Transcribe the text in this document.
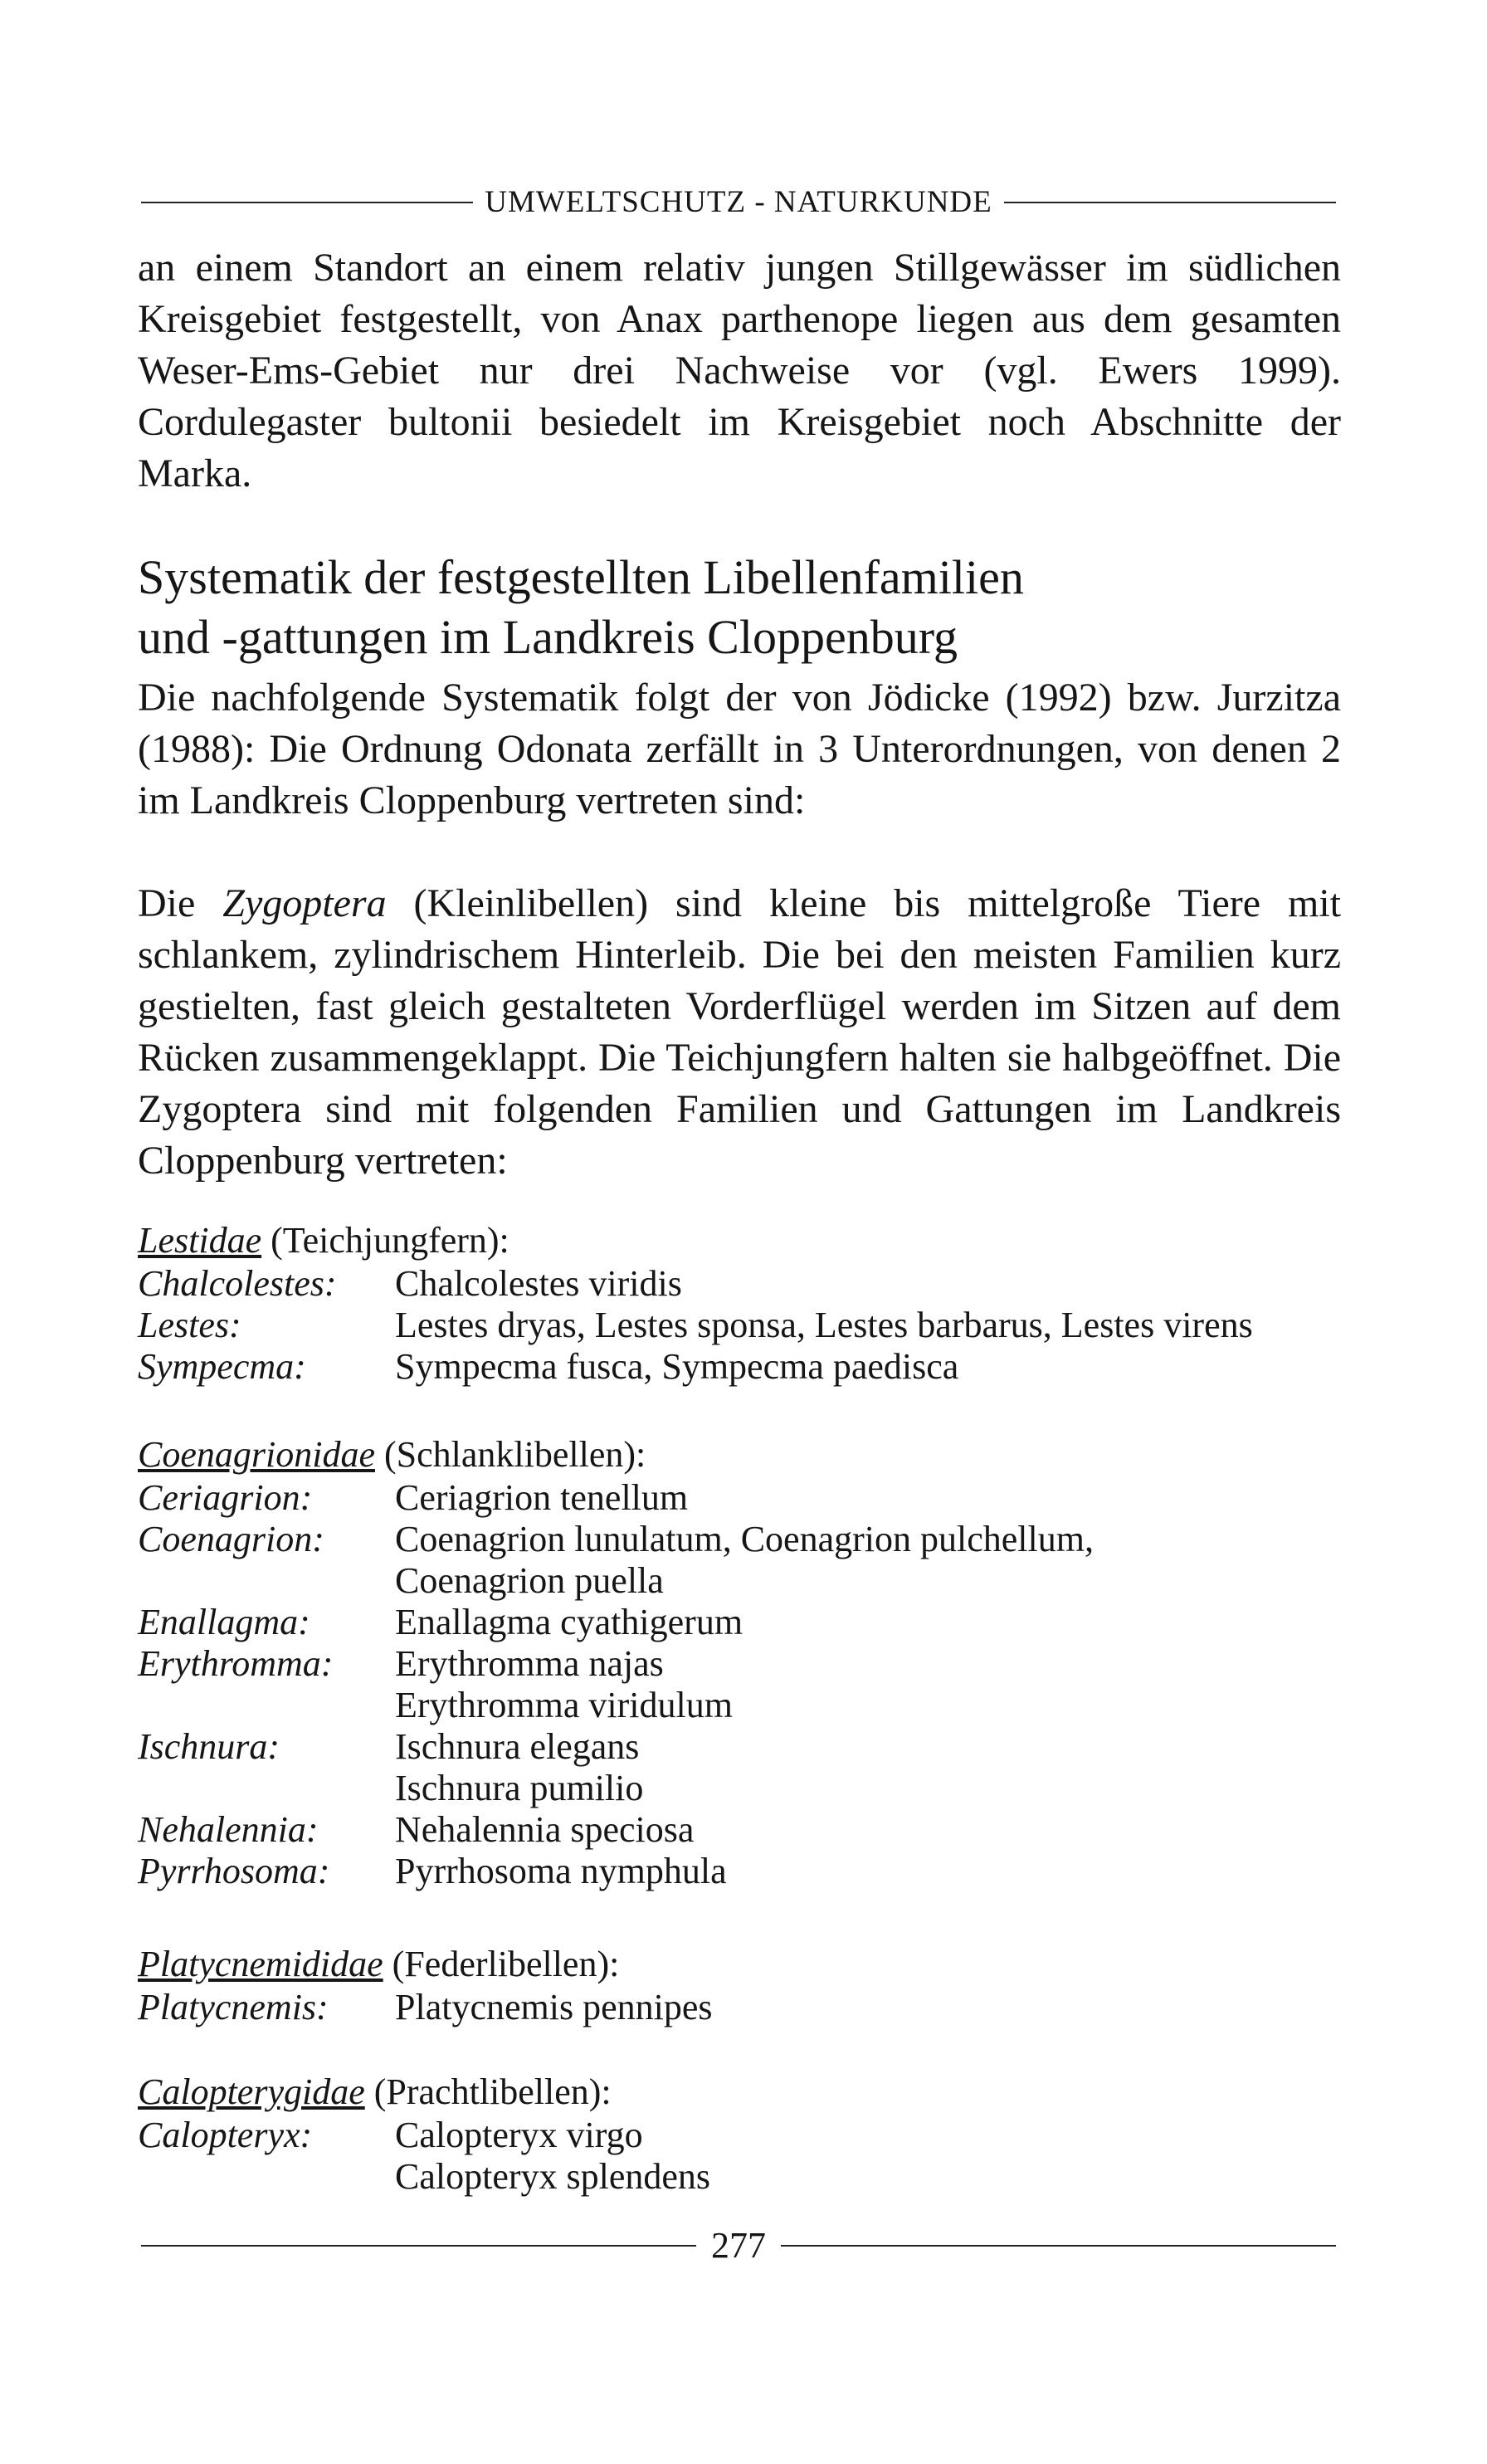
UMWELTSCHUTZ - NATURKUNDE

an einem Standort an einem relativ jungen Stillgewässer im südlichen Kreisgebiet festgestellt, von Anax parthenope liegen aus dem gesamten Weser-Ems-Gebiet nur drei Nachweise vor (vgl. Ewers 1999). Cordulegaster bultonii besiedelt im Kreisgebiet noch Abschnitte der Marka.

Systematik der festgestellten Libellenfamilien
und -gattungen im Landkreis Cloppenburg

Die nachfolgende Systematik folgt der von Jödicke (1992) bzw. Jurzitza (1988): Die Ordnung Odonata zerfällt in 3 Unterordnungen, von denen 2 im Landkreis Cloppenburg vertreten sind:

Die Zygoptera (Kleinlibellen) sind kleine bis mittelgroße Tiere mit schlankem, zylindrischem Hinterleib. Die bei den meisten Familien kurz gestielten, fast gleich gestalteten Vorderflügel werden im Sitzen auf dem Rücken zusammengeklappt. Die Teichjungfern halten sie halbgeöffnet. Die Zygoptera sind mit folgenden Familien und Gattungen im Landkreis Cloppenburg vertreten:

Lestidae (Teichjungfern):
Chalcolestes:	Chalcolestes viridis
Lestes:	Lestes dryas, Lestes sponsa, Lestes barbarus, Lestes virens
Sympecma:	Sympecma fusca, Sympecma paedisca
Coenagrionidae (Schlanklibellen):
Ceriagrion:	Ceriagrion tenellum
Coenagrion:	Coenagrion lunulatum, Coenagrion pulchellum,
Coenagrion puella
Enallagma:	Enallagma cyathigerum
Erythromma:	Erythromma najas
Erythromma viridulum
Ischnura:	Ischnura elegans
Ischnura pumilio
Nehalennia:	Nehalennia speciosa
Pyrrhosoma:	Pyrrhosoma nymphula
Platycnemididae (Federlibellen):
Platycnemis:	Platycnemis pennipes
Calopterygidae (Prachtlibellen):
Calopteryx:	Calopteryx virgo
Calopteryx splendens
277
